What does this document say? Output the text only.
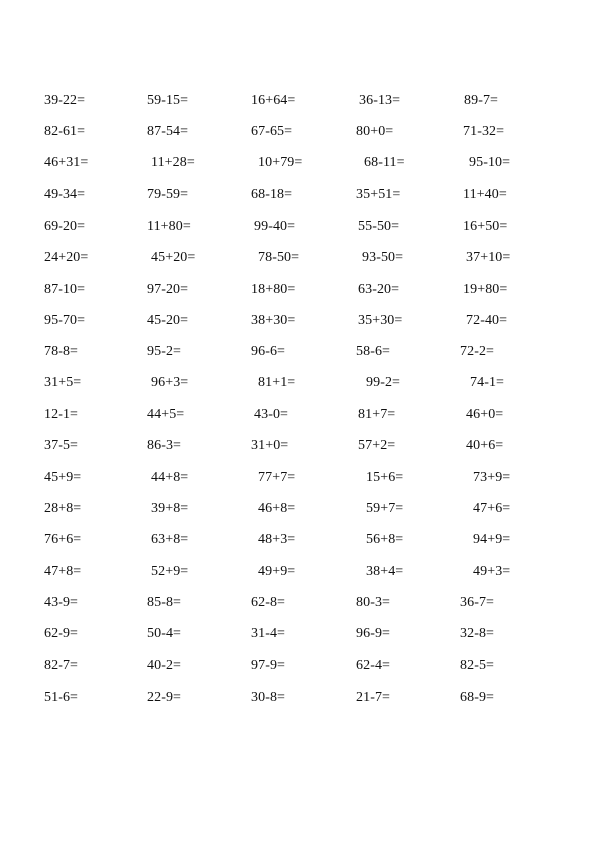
39-22=	59-15=	16+64=	36-13=	89-7=
82-61=	87-54=	67-65=	80+0=	71-32=
46+31=	11+28=	10+79=	68-11=	95-10=
49-34=	79-59=	68-18=	35+51=	11+40=
69-20=	11+80=	99-40=	55-50=	16+50=
24+20=	45+20=	78-50=	93-50=	37+10=
87-10=	97-20=	18+80=	63-20=	19+80=
95-70=	45-20=	38+30=	35+30=	72-40=
78-8=	95-2=	96-6=	58-6=	72-2=
31+5=	96+3=	81+1=	99-2=	74-1=
12-1=	44+5=	43-0=	81+7=	46+0=
37-5=	86-3=	31+0=	57+2=	40+6=
45+9=	44+8=	77+7=	15+6=	73+9=
28+8=	39+8=	46+8=	59+7=	47+6=
76+6=	63+8=	48+3=	56+8=	94+9=
47+8=	52+9=	49+9=	38+4=	49+3=
43-9=	85-8=	62-8=	80-3=	36-7=
62-9=	50-4=	31-4=	96-9=	32-8=
82-7=	40-2=	97-9=	62-4=	82-5=
51-6=	22-9=	30-8=	21-7=	68-9=
